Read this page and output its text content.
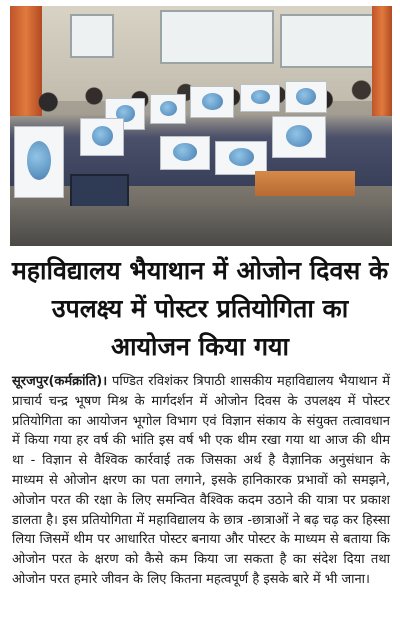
महाविद्यालय भैयाथान में ओजोन दिवस के उपलक्ष्य में पोस्टर प्रतियोगिता का आयोजन किया गया

सूरजपुर(कर्मक्रांति)। पण्डित रविशंकर त्रिपाठी शासकीय महाविद्यालय भैयाथान में प्राचार्य चन्द्र भूषण मिश्र के मार्गदर्शन में ओजोन दिवस के उपलक्ष्य में पोस्टर प्रतियोगिता का आयोजन भूगोल विभाग एवं विज्ञान संकाय के संयुक्त तत्वावधान में किया गया हर वर्ष की भांति इस वर्ष भी एक थीम रखा गया था आज की थीम था - विज्ञान से वैश्विक कार्रवाई तक जिसका अर्थ है वैज्ञानिक अनुसंधान के माध्यम से ओजोन क्षरण का पता लगाने, इसके हानिकारक प्रभावों को समझने, ओजोन परत की रक्षा के लिए समन्वित वैश्विक कदम उठाने की यात्रा पर प्रकाश डालता है। इस प्रतियोगिता में महाविद्यालय के छात्र -छात्राओं ने बढ़ चढ़ कर हिस्सा लिया जिसमें थीम पर आधारित पोस्टर बनाया और पोस्टर के माध्यम से बताया कि ओजोन परत के क्षरण को कैसे कम किया जा सकता है का संदेश दिया तथा ओजोन परत हमारे जीवन के लिए कितना महत्वपूर्ण है इसके बारे में भी जाना।
